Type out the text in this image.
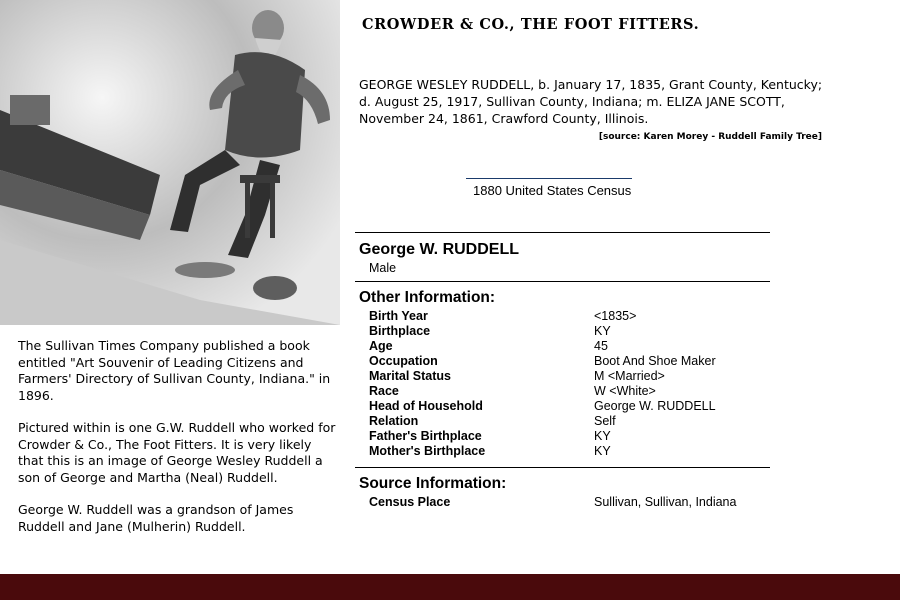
CROWDER & CO., THE FOOT FITTERS.
GEORGE WESLEY RUDDELL, b. January 17, 1835, Grant County, Kentucky; d. August 25, 1917, Sullivan County, Indiana; m. ELIZA JANE SCOTT, November 24, 1861, Crawford County, Illinois.
[source: Karen Morey - Ruddell Family Tree]
1880 United States Census
George W. RUDDELL
Male
Other Information:
Birth Year	<1835>
Birthplace	KY
Age	45
Occupation	Boot And Shoe Maker
Marital Status	M <Married>
Race	W <White>
Head of Household	George W. RUDDELL
Relation	Self
Father's Birthplace	KY
Mother's Birthplace	KY
Source Information:
Census Place	Sullivan, Sullivan, Indiana

The Sullivan Times Company published a book entitled "Art Souvenir of Leading Citizens and Farmers' Directory of Sullivan County, Indiana." in 1896.

Pictured within is one G.W. Ruddell who worked for Crowder & Co., The Foot Fitters. It is very likely that this is an image of George Wesley Ruddell a son of George and Martha (Neal) Ruddell.

George W. Ruddell was a grandson of James Ruddell and Jane (Mulherin) Ruddell.
